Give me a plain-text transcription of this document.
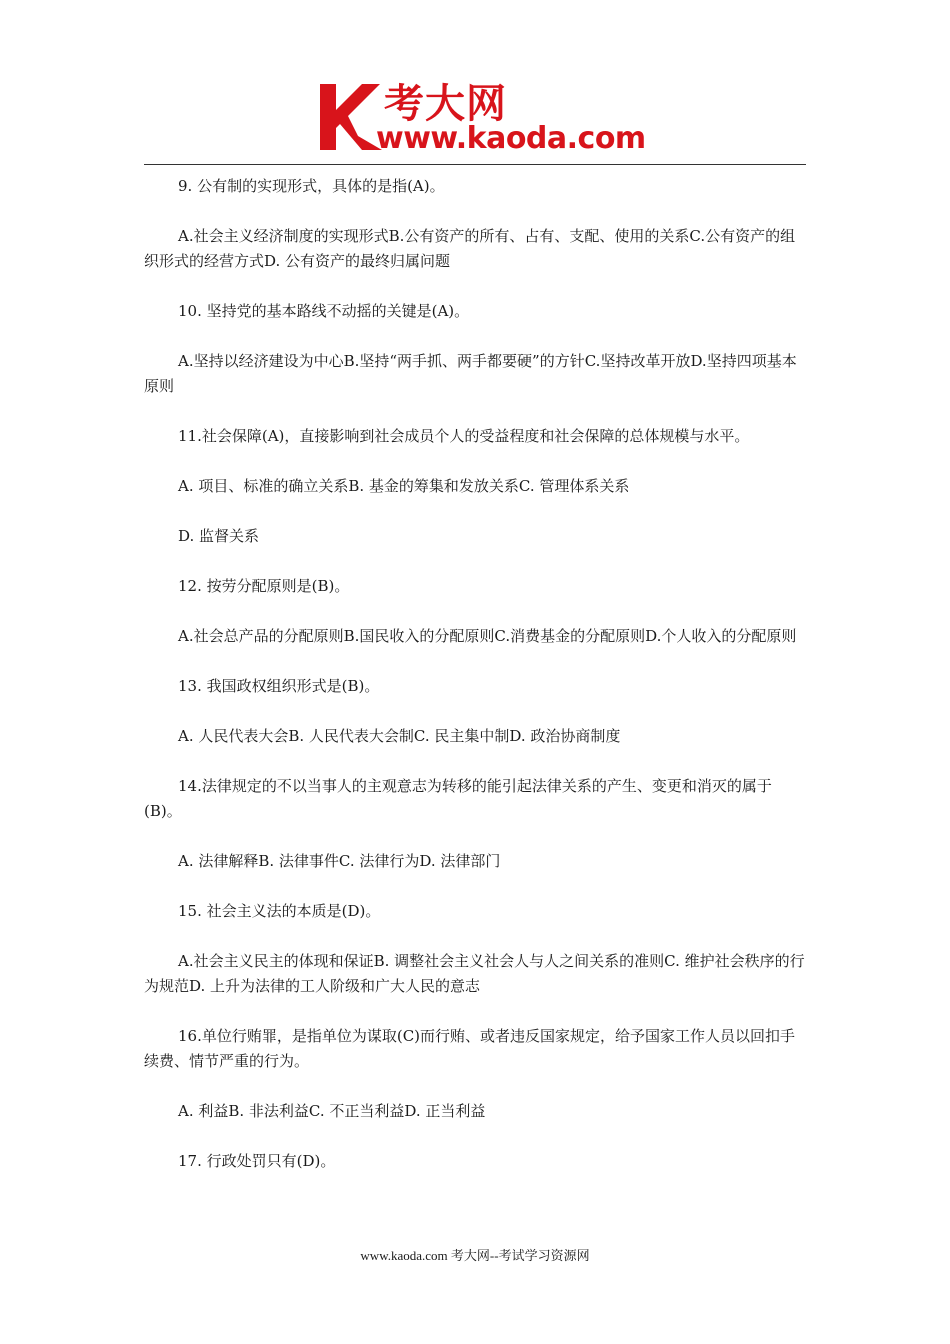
考大网
www.kaoda.com

9. 公有制的实现形式，具体的是指(A)。

A.社会主义经济制度的实现形式B.公有资产的所有、占有、支配、使用的关系C.公有资产的组织形式的经营方式D. 公有资产的最终归属问题

10. 坚持党的基本路线不动摇的关键是(A)。

A.坚持以经济建设为中心B.坚持“两手抓、两手都要硬”的方针C.坚持改革开放D.坚持四项基本原则

11.社会保障(A)，直接影响到社会成员个人的受益程度和社会保障的总体规模与水平。

A. 项目、标准的确立关系B. 基金的筹集和发放关系C. 管理体系关系

D. 监督关系

12. 按劳分配原则是(B)。

A.社会总产品的分配原则B.国民收入的分配原则C.消费基金的分配原则D.个人收入的分配原则

13. 我国政权组织形式是(B)。

A. 人民代表大会B. 人民代表大会制C. 民主集中制D. 政治协商制度

14.法律规定的不以当事人的主观意志为转移的能引起法律关系的产生、变更和消灭的属于(B)。

A. 法律解释B. 法律事件C. 法律行为D. 法律部门

15. 社会主义法的本质是(D)。

A.社会主义民主的体现和保证B. 调整社会主义社会人与人之间关系的准则C. 维护社会秩序的行为规范D. 上升为法律的工人阶级和广大人民的意志

16.单位行贿罪，是指单位为谋取(C)而行贿、或者违反国家规定，给予国家工作人员以回扣手续费、情节严重的行为。

A. 利益B. 非法利益C. 不正当利益D. 正当利益

17. 行政处罚只有(D)。

www.kaoda.com 考大网--考试学习资源网
